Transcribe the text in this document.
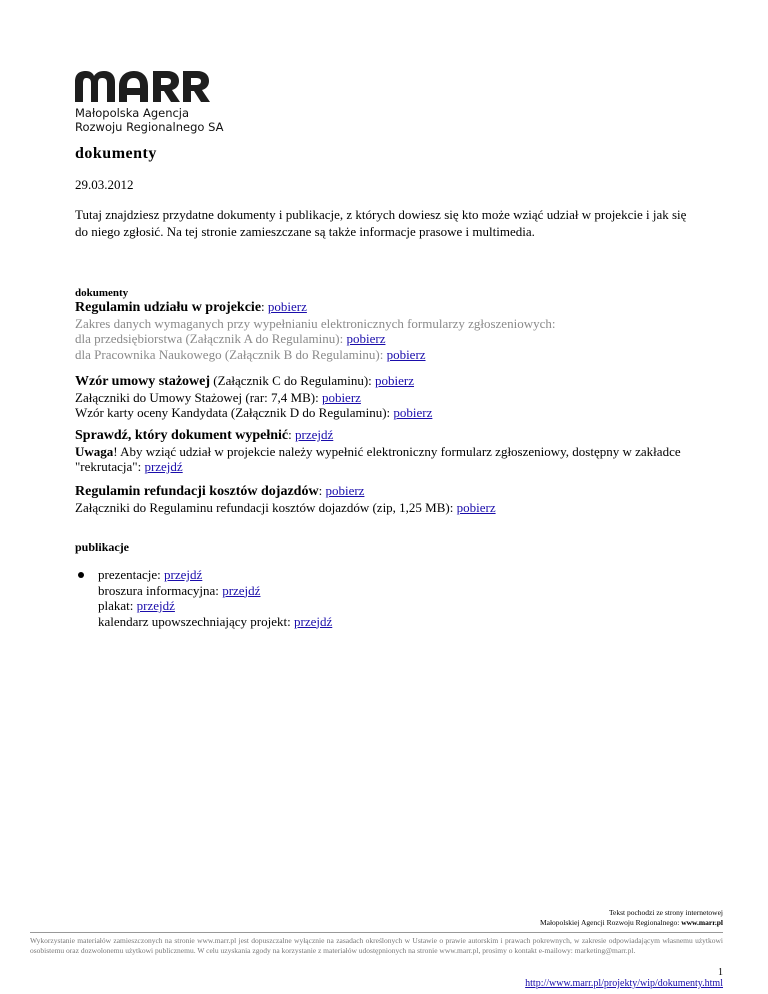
Małopolska Agencja
Rozwoju Regionalnego SA
dokumenty
29.03.2012
Tutaj znajdziesz przydatne dokumenty i publikacje, z których dowiesz się kto może wziąć udział w projekcie i jak się do niego zgłosić. Na tej stronie zamieszczane są także informacje prasowe i multimedia.
dokumenty
Regulamin udziału w projekcie: pobierz
Zakres danych wymaganych przy wypełnianiu elektronicznych formularzy zgłoszeniowych:
dla przedsiębiorstwa (Załącznik A do Regulaminu): pobierz
dla Pracownika Naukowego (Załącznik B do Regulaminu): pobierz
Wzór umowy stażowej (Załącznik C do Regulaminu): pobierz
Załączniki do Umowy Stażowej (rar: 7,4 MB): pobierz
Wzór karty oceny Kandydata (Załącznik D do Regulaminu): pobierz
Sprawdź, który dokument wypełnić: przejdź
Uwaga! Aby wziąć udział w projekcie należy wypełnić elektroniczny formularz zgłoszeniowy, dostępny w zakładce "rekrutacja": przejdź
Regulamin refundacji kosztów dojazdów: pobierz
Załączniki do Regulaminu refundacji kosztów dojazdów (zip, 1,25 MB): pobierz
publikacje
prezentacje: przejdź
broszura informacyjna: przejdź
plakat: przejdź
kalendarz upowszechniający projekt: przejdź
Tekst pochodzi ze strony internetowej
Małopolskiej Agencji Rozwoju Regionalnego: www.marr.pl
Wykorzystanie materiałów zamieszczonych na stronie www.marr.pl jest dopuszczalne wyłącznie na zasadach określonych w Ustawie o prawie autorskim i prawach pokrewnych, w zakresie odpowiadającym własnemu użytkowi osobistemu oraz dozwolonemu użytkowi publicznemu. W celu uzyskania zgody na korzystanie z materiałów udostępnionych na stronie www.marr.pl, prosimy o kontakt e-mailowy: marketing@marr.pl.
1
http://www.marr.pl/projekty/wip/dokumenty.html
